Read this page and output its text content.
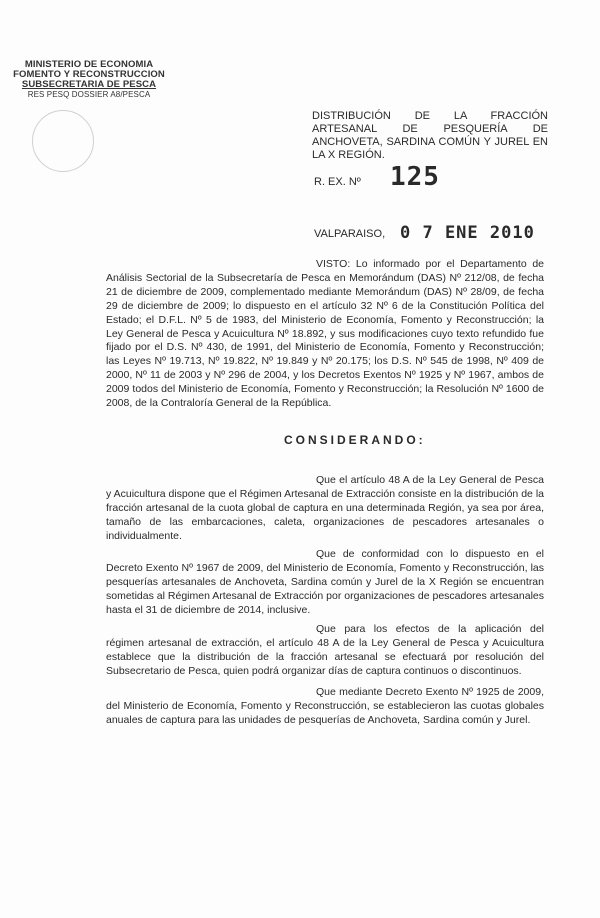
MINISTERIO DE ECONOMIA
FOMENTO Y RECONSTRUCCION
SUBSECRETARIA DE PESCA
RES PESQ DOSSIER A8/PESCA
DISTRIBUCIÓN DE LA FRACCIÓN ARTESANAL DE PESQUERÍA DE ANCHOVETA, SARDINA COMÚN Y JUREL EN LA X REGIÓN.
R. EX. Nº 125
VALPARAISO, 0 7 ENE 2010
VISTO: Lo informado por el Departamento de Análisis Sectorial de la Subsecretaría de Pesca en Memorándum (DAS) Nº 212/08, de fecha 21 de diciembre de 2009, complementado mediante Memorándum (DAS) Nº 28/09, de fecha 29 de diciembre de 2009; lo dispuesto en el artículo 32 Nº 6 de la Constitución Política del Estado; el D.F.L. Nº 5 de 1983, del Ministerio de Economía, Fomento y Reconstrucción; la Ley General de Pesca y Acuicultura Nº 18.892, y sus modificaciones cuyo texto refundido fue fijado por el D.S. Nº 430, de 1991, del Ministerio de Economía, Fomento y Reconstrucción; las Leyes Nº 19.713, Nº 19.822, Nº 19.849 y Nº 20.175; los D.S. Nº 545 de 1998, Nº 409 de 2000, Nº 11 de 2003 y Nº 296 de 2004, y los Decretos Exentos Nº 1925 y Nº 1967, ambos de 2009 todos del Ministerio de Economía, Fomento y Reconstrucción; la Resolución Nº 1600 de 2008, de la Contraloría General de la República.
CONSIDERANDO:
Que el artículo 48 A de la Ley General de Pesca y Acuicultura dispone que el Régimen Artesanal de Extracción consiste en la distribución de la fracción artesanal de la cuota global de captura en una determinada Región, ya sea por área, tamaño de las embarcaciones, caleta, organizaciones de pescadores artesanales o individualmente.
Que de conformidad con lo dispuesto en el Decreto Exento Nº 1967 de 2009, del Ministerio de Economía, Fomento y Reconstrucción, las pesquerías artesanales de Anchoveta, Sardina común y Jurel de la X Región se encuentran sometidas al Régimen Artesanal de Extracción por organizaciones de pescadores artesanales hasta el 31 de diciembre de 2014, inclusive.
Que para los efectos de la aplicación del régimen artesanal de extracción, el artículo 48 A de la Ley General de Pesca y Acuicultura establece que la distribución de la fracción artesanal se efectuará por resolución del Subsecretario de Pesca, quien podrá organizar días de captura continuos o discontinuos.
Que mediante Decreto Exento Nº 1925 de 2009, del Ministerio de Economía, Fomento y Reconstrucción, se establecieron las cuotas globales anuales de captura para las unidades de pesquerías de Anchoveta, Sardina común y Jurel.
